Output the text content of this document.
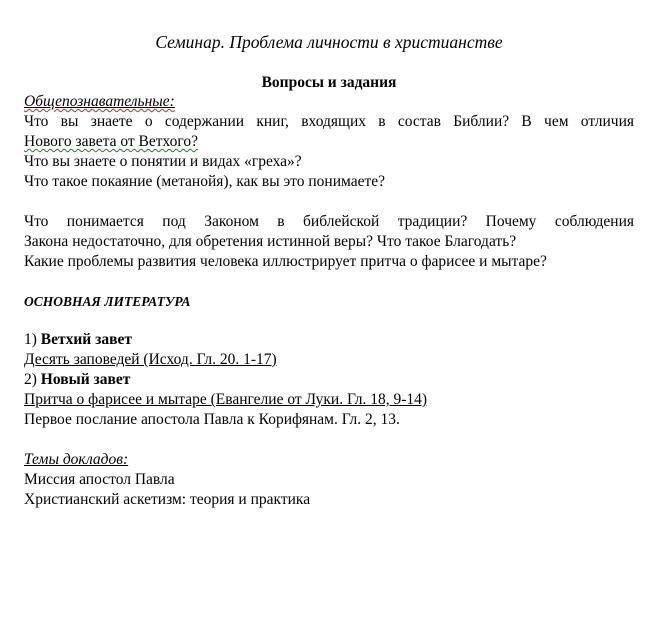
Семинар. Проблема личности в христианстве

Вопросы и задания

Общепознавательные:

Что вы знаете о содержании книг, входящих в состав Библии? В чем отличия

Нового завета от Ветхого?

Что вы знаете о понятии и видах «греха»?

Что такое покаяние (метанойя), как вы это понимаете?

Что понимается под Законом в библейской традиции? Почему соблюдения

Закона недостаточно, для обретения истинной веры? Что такое Благодать?

Какие проблемы развития человека иллюстрирует притча о фарисее и мытаре?

ОСНОВНАЯ ЛИТЕРАТУРА

1) Ветхий завет

Десять заповедей (Исход. Гл. 20. 1-17)

2) Новый завет

Притча о фарисее и мытаре (Евангелие от Луки. Гл. 18, 9-14)

Первое послание апостола Павла к Корифянам. Гл. 2, 13.

Темы докладов:

Миссия апостол Павла

Христианский аскетизм: теория и практика
